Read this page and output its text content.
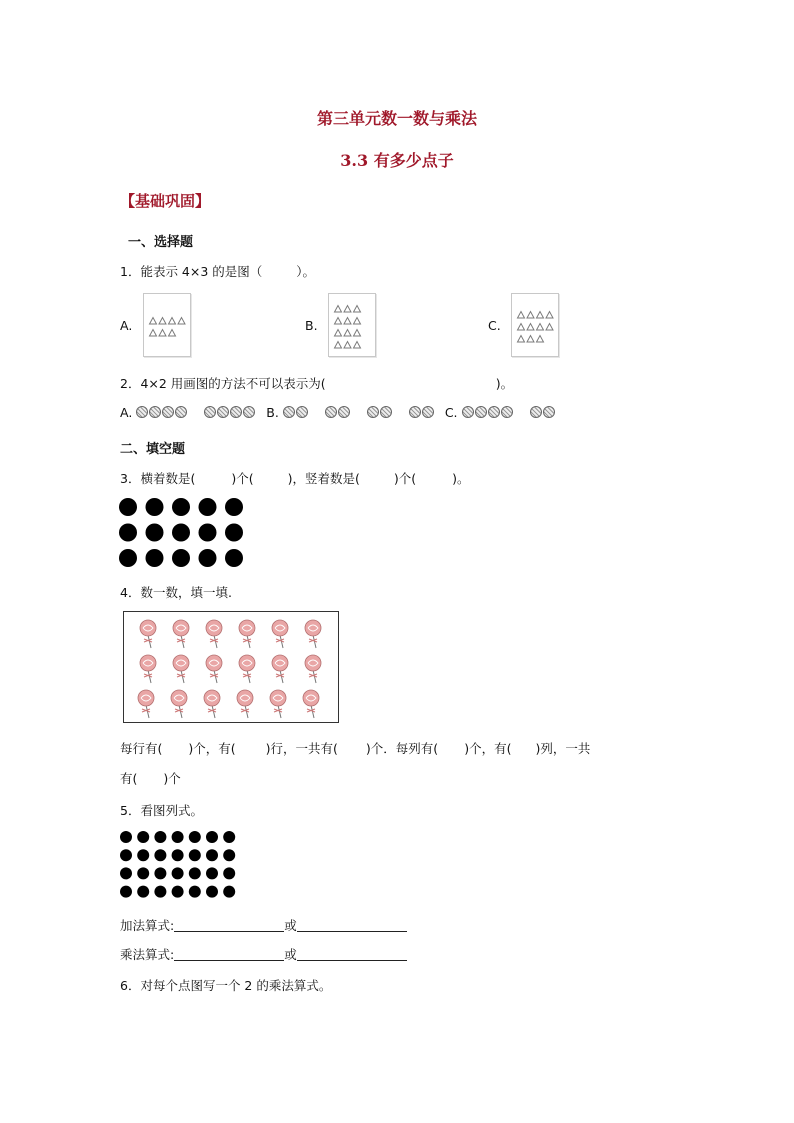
第三单元数一数与乘法
3.3 有多少点子
【基础巩固】
一、选择题
1．能表示 4×3 的是图（	）。
A.	B.	C.
2．4×2 用画图的方法不可以表示为(	)。
A.	B.	C.
二、填空题
3．横着数是(	)个(	)，竖着数是(	)个(	)。
4．数一数，填一填.
每行有( )个，有( )行，一共有( )个．每列有( )个，有( )列，一共
有( )个
5．看图列式。
加法算式:	或
乘法算式:	或
6．对每个点图写一个 2 的乘法算式。
